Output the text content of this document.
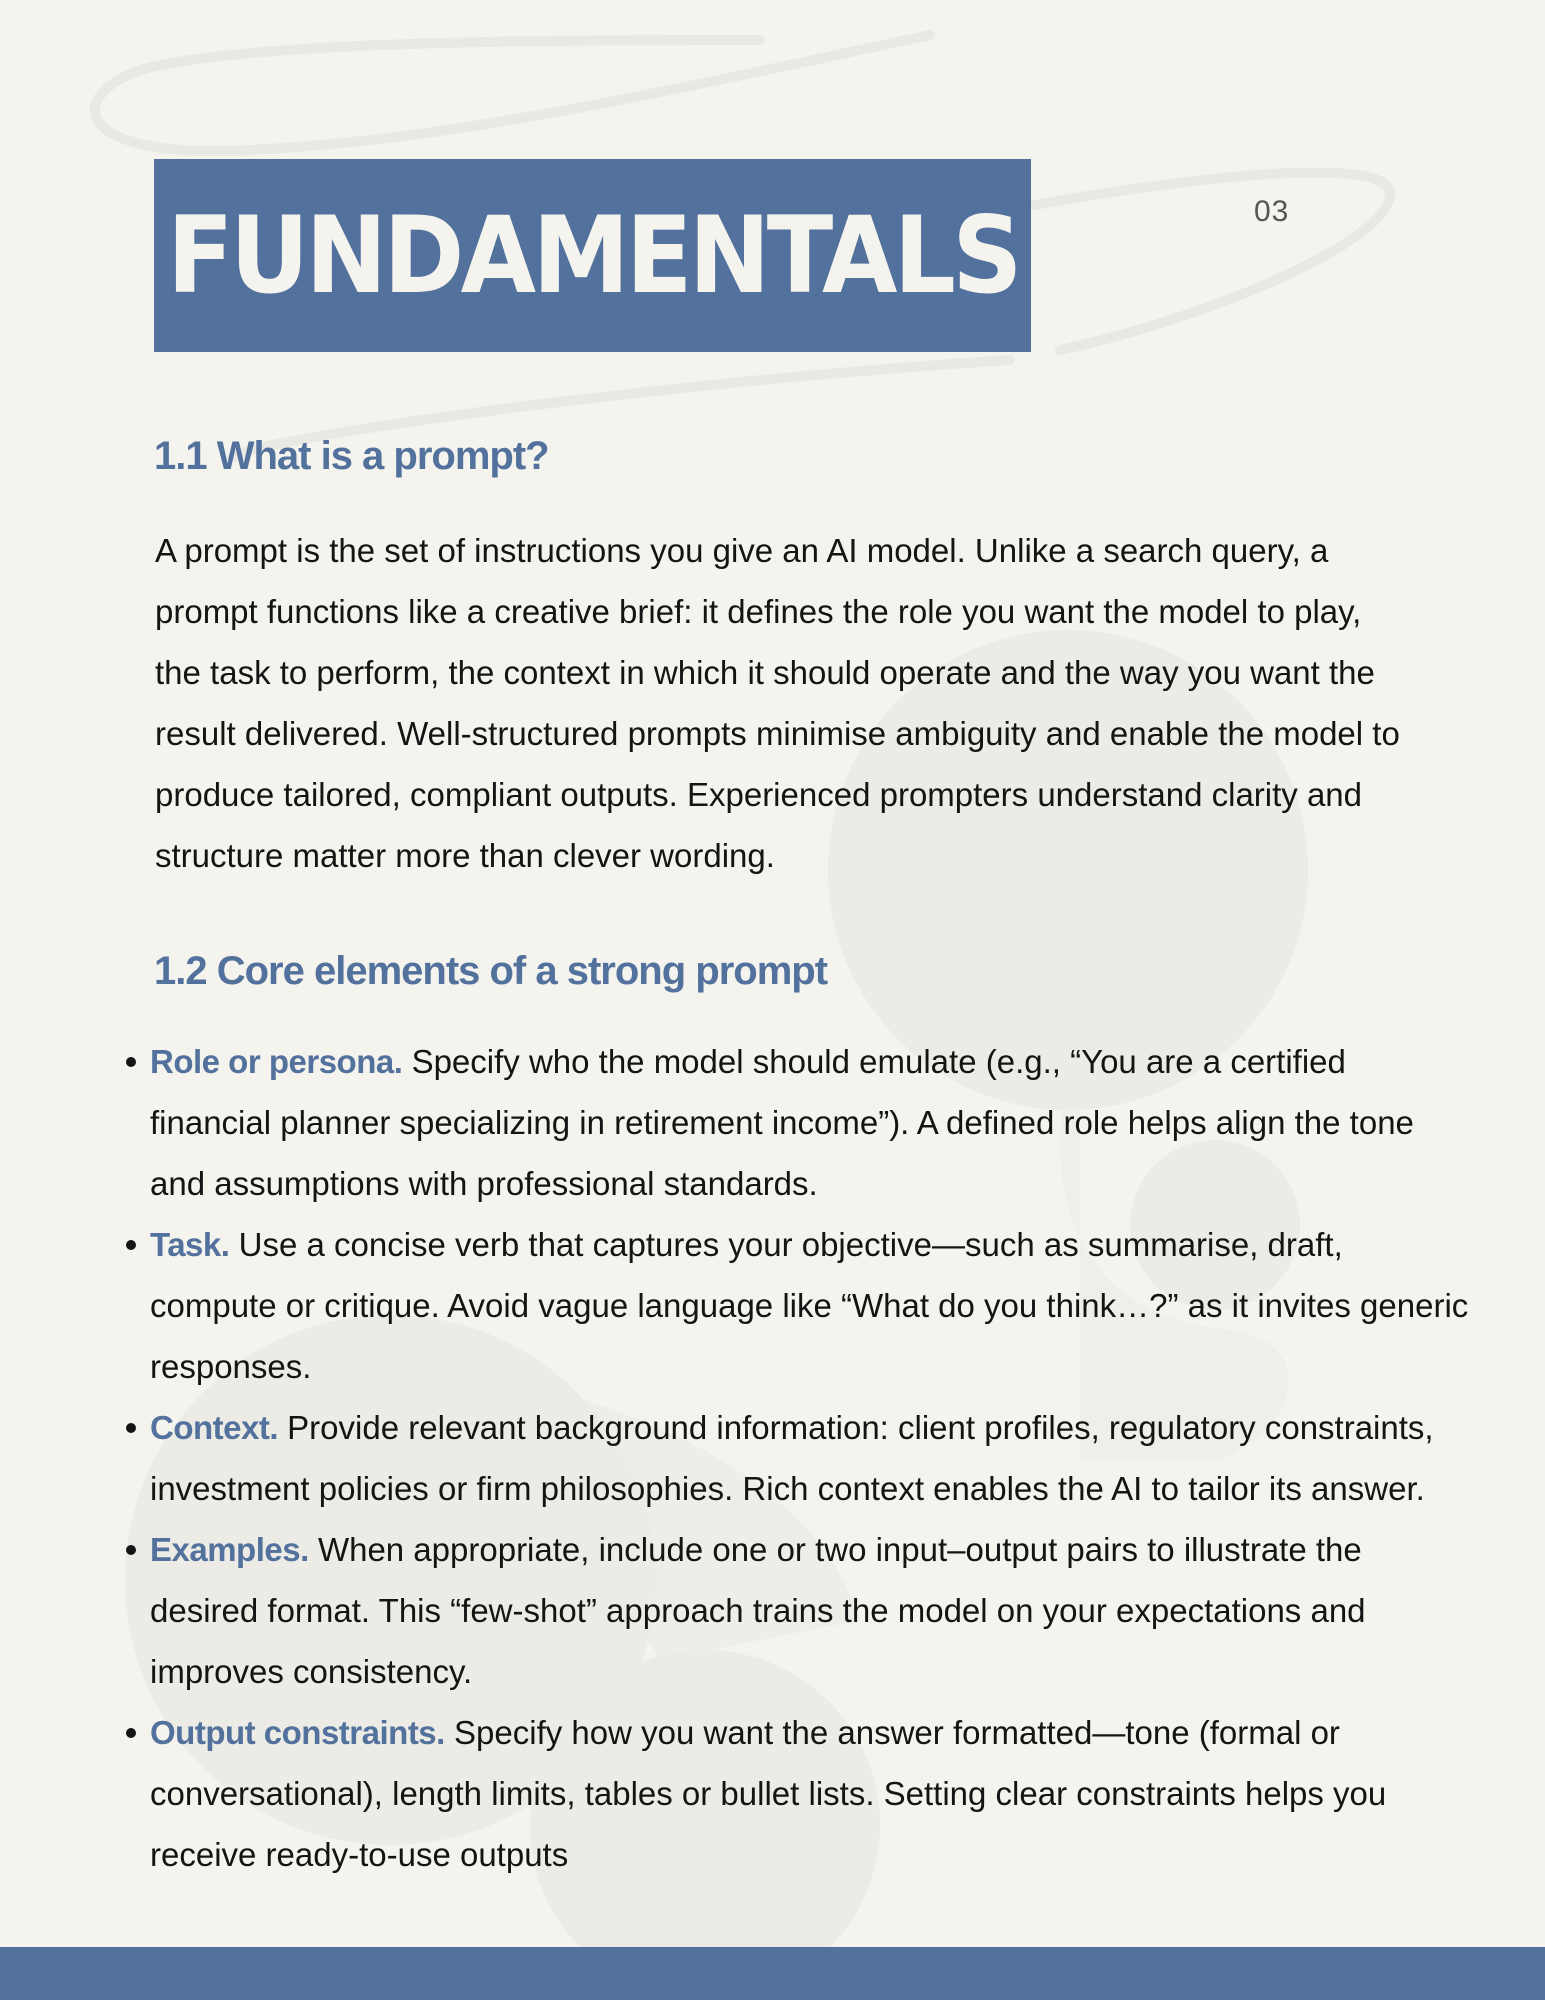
03
FUNDAMENTALS
1.1 What is a prompt?

A prompt is the set of instructions you give an AI model. Unlike a search query, a prompt functions like a creative brief: it defines the role you want the model to play, the task to perform, the context in which it should operate and the way you want the result delivered. Well-structured prompts minimise ambiguity and enable the model to produce tailored, compliant outputs. Experienced prompters understand clarity and structure matter more than clever wording.

1.2 Core elements of a strong prompt
Role or persona. Specify who the model should emulate (e.g., “You are a certified financial planner specializing in retirement income”). A defined role helps align the tone and assumptions with professional standards.
Task. Use a concise verb that captures your objective—such as summarise, draft, compute or critique. Avoid vague language like “What do you think…?” as it invites generic responses.
Context. Provide relevant background information: client profiles, regulatory constraints, investment policies or firm philosophies. Rich context enables the AI to tailor its answer.
Examples. When appropriate, include one or two input–output pairs to illustrate the desired format. This “few-shot” approach trains the model on your expectations and improves consistency.
Output constraints. Specify how you want the answer formatted—tone (formal or conversational), length limits, tables or bullet lists. Setting clear constraints helps you receive ready-to-use outputs
